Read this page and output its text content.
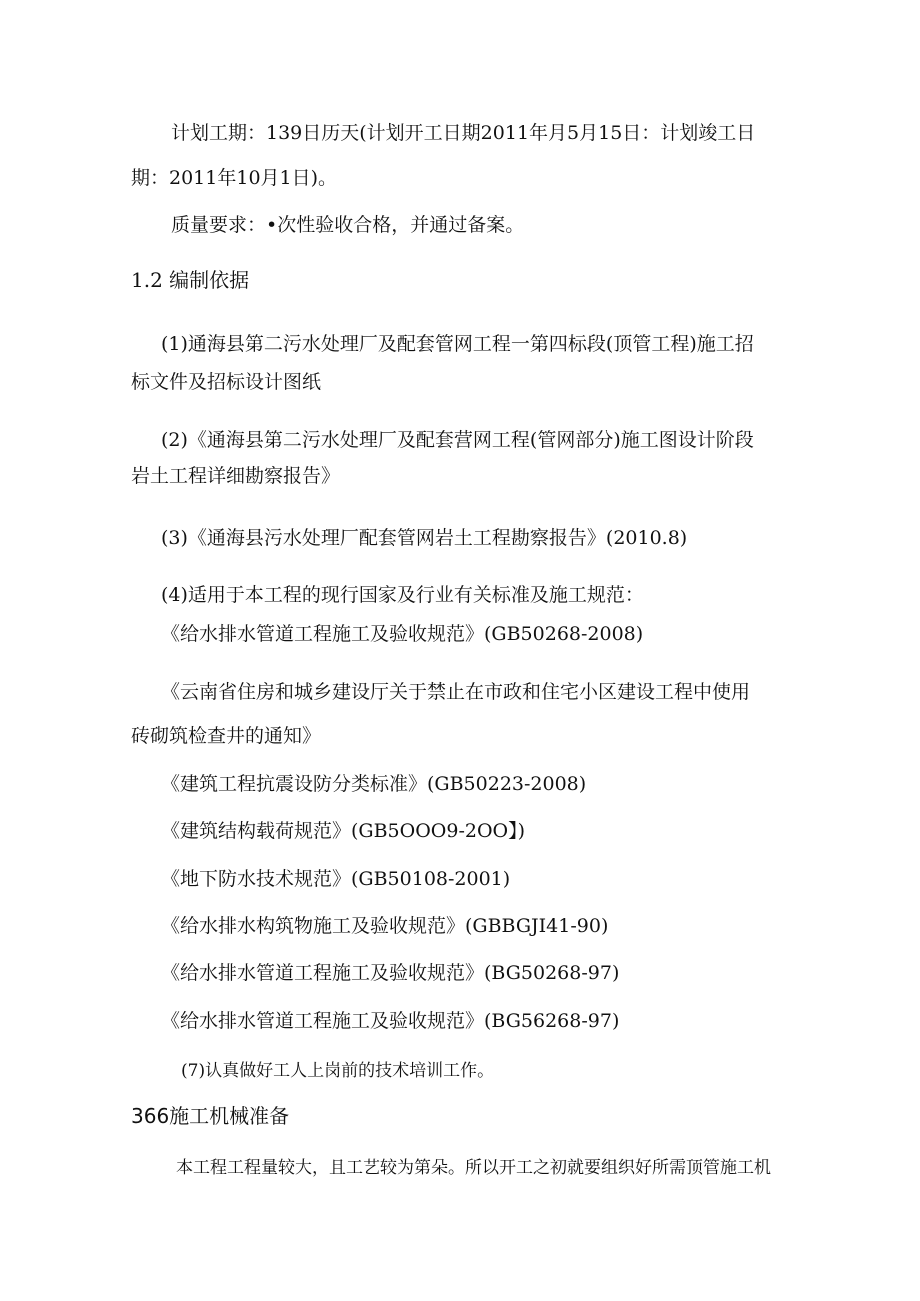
计划工期：139日历天(计划开工日期2011年月5月15日：计划竣工日
期：2011年10月1日)。
质量要求：•次性验收合格，并通过备案。
1.2 编制依据
(1)通海县第二污水处理厂及配套管网工程一第四标段(顶管工程)施工招
标文件及招标设计图纸
(2)《通海县第二污水处理厂及配套营网工程(管网部分)施工图设计阶段
岩土工程详细勘察报告》
(3)《通海县污水处理厂配套管网岩土工程勘察报告》(2010.8)
(4)适用于本工程的现行国家及行业有关标准及施工规范：
《给水排水管道工程施工及验收规范》(GB50268-2008)
《云南省住房和城乡建设厅关于禁止在市政和住宅小区建设工程中使用
砖砌筑检查井的通知》
《建筑工程抗震设防分类标准》(GB50223-2008)
《建筑结构载荷规范》(GB5OOO9-2OO】)
《地下防水技术规范》(GB50108-2001)
《给水排水构筑物施工及验收规范》(GBBGJI41-90)
《给水排水管道工程施工及验收规范》(BG50268-97)
《给水排水管道工程施工及验收规范》(BG56268-97)
(7)认真做好工人上岗前的技术培训工作。
366施工机械准备
本工程工程量较大，且工艺较为第朵。所以开工之初就要组织好所需顶管施工机
